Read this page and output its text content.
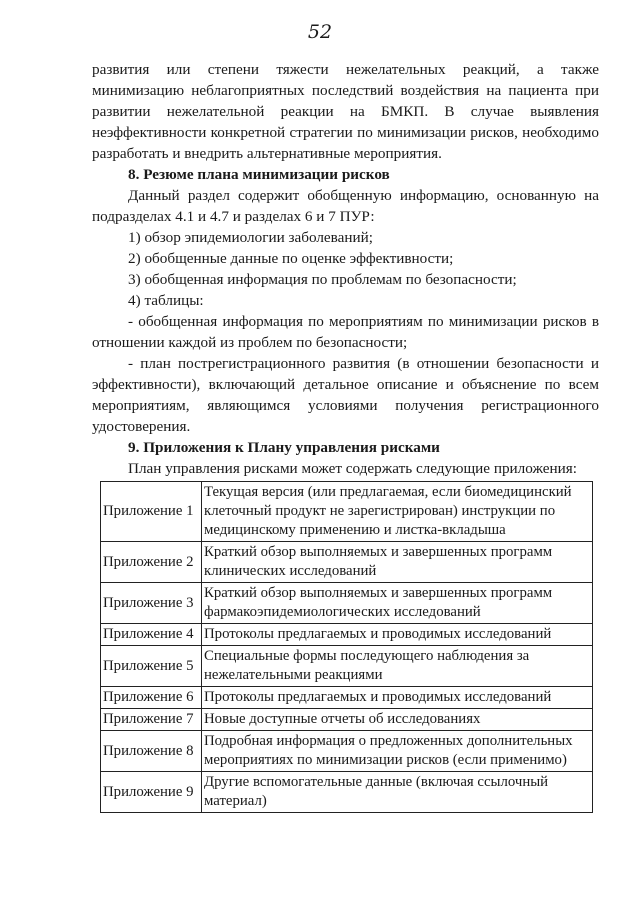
52

развития или степени тяжести нежелательных реакций, а также минимизацию неблагоприятных последствий воздействия на пациента при развитии нежелательной реакции на БМКП. В случае выявления неэффективности конкретной стратегии по минимизации рисков, необходимо разработать и внедрить альтернативные мероприятия.

8. Резюме плана минимизации рисков

Данный раздел содержит обобщенную информацию, основанную на подразделах 4.1 и 4.7 и разделах 6 и 7 ПУР:

1) обзор эпидемиологии заболеваний;

2) обобщенные данные по оценке эффективности;

3) обобщенная информация по проблемам по безопасности;

4) таблицы:

- обобщенная информация по мероприятиям по минимизации рисков в отношении каждой из проблем по безопасности;

- план пострегистрационного развития (в отношении безопасности и эффективности), включающий детальное описание и объяснение по всем мероприятиям, являющимся условиями получения регистрационного удостоверения.

9. Приложения к Плану управления рисками

План управления рисками может содержать следующие приложения:

Приложение 1	Текущая версия (или предлагаемая, если биомедицинский клеточный продукт не зарегистрирован) инструкции по медицинскому применению и листка-вкладыша
Приложение 2	Краткий обзор выполняемых и завершенных программ клинических исследований
Приложение 3	Краткий обзор выполняемых и завершенных программ фармакоэпидемиологических исследований
Приложение 4	Протоколы предлагаемых и проводимых исследований
Приложение 5	Специальные формы последующего наблюдения за нежелательными реакциями
Приложение 6	Протоколы предлагаемых и проводимых исследований
Приложение 7	Новые доступные отчеты об исследованиях
Приложение 8	Подробная информация о предложенных дополнительных мероприятиях по минимизации рисков (если применимо)
Приложение 9	Другие вспомогательные данные (включая ссылочный материал)
